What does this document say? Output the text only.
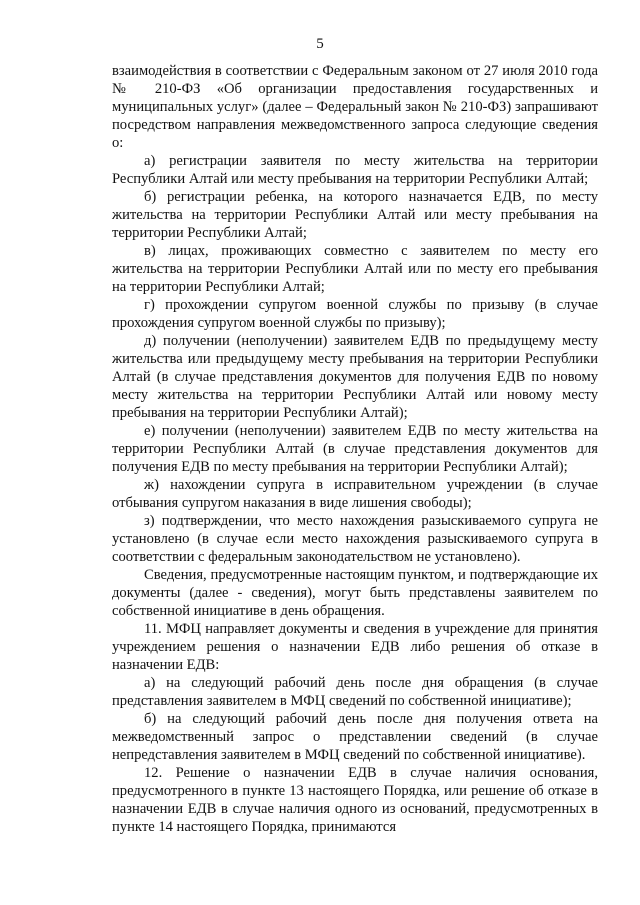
5

взаимодействия в соответствии с Федеральным законом от 27 июля 2010 года № 210-ФЗ «Об организации предоставления государственных и муниципальных услуг» (далее – Федеральный закон № 210-ФЗ) запрашивают посредством направления межведомственного запроса следующие сведения о:

а) регистрации заявителя по месту жительства на территории Республики Алтай или месту пребывания на территории Республики Алтай;

б) регистрации ребенка, на которого назначается ЕДВ, по месту жительства на территории Республики Алтай или месту пребывания на территории Республики Алтай;

в) лицах, проживающих совместно с заявителем по месту его жительства на территории Республики Алтай или по месту его пребывания на территории Республики Алтай;

г) прохождении супругом военной службы по призыву (в случае прохождения супругом военной службы по призыву);

д) получении (неполучении) заявителем ЕДВ по предыдущему месту жительства или предыдущему месту пребывания на территории Республики Алтай (в случае представления документов для получения ЕДВ по новому месту жительства на территории Республики Алтай или новому месту пребывания на территории Республики Алтай);

е) получении (неполучении) заявителем ЕДВ по месту жительства на территории Республики Алтай (в случае представления документов для получения ЕДВ по месту пребывания на территории Республики Алтай);

ж) нахождении супруга в исправительном учреждении (в случае отбывания супругом наказания в виде лишения свободы);

з) подтверждении, что место нахождения разыскиваемого супруга не установлено (в случае если место нахождения разыскиваемого супруга в соответствии с федеральным законодательством не установлено).

Сведения, предусмотренные настоящим пунктом, и подтверждающие их документы (далее - сведения), могут быть представлены заявителем по собственной инициативе в день обращения.

11. МФЦ направляет документы и сведения в учреждение для принятия учреждением решения о назначении ЕДВ либо решения об отказе в назначении ЕДВ:

а) на следующий рабочий день после дня обращения (в случае представления заявителем в МФЦ сведений по собственной инициативе);

б) на следующий рабочий день после дня получения ответа на межведомственный запрос о представлении сведений (в случае непредставления заявителем в МФЦ сведений по собственной инициативе).

12. Решение о назначении ЕДВ в случае наличия основания, предусмотренного в пункте 13 настоящего Порядка, или решение об отказе в назначении ЕДВ в случае наличия одного из оснований, предусмотренных в пункте 14 настоящего Порядка, принимаются
